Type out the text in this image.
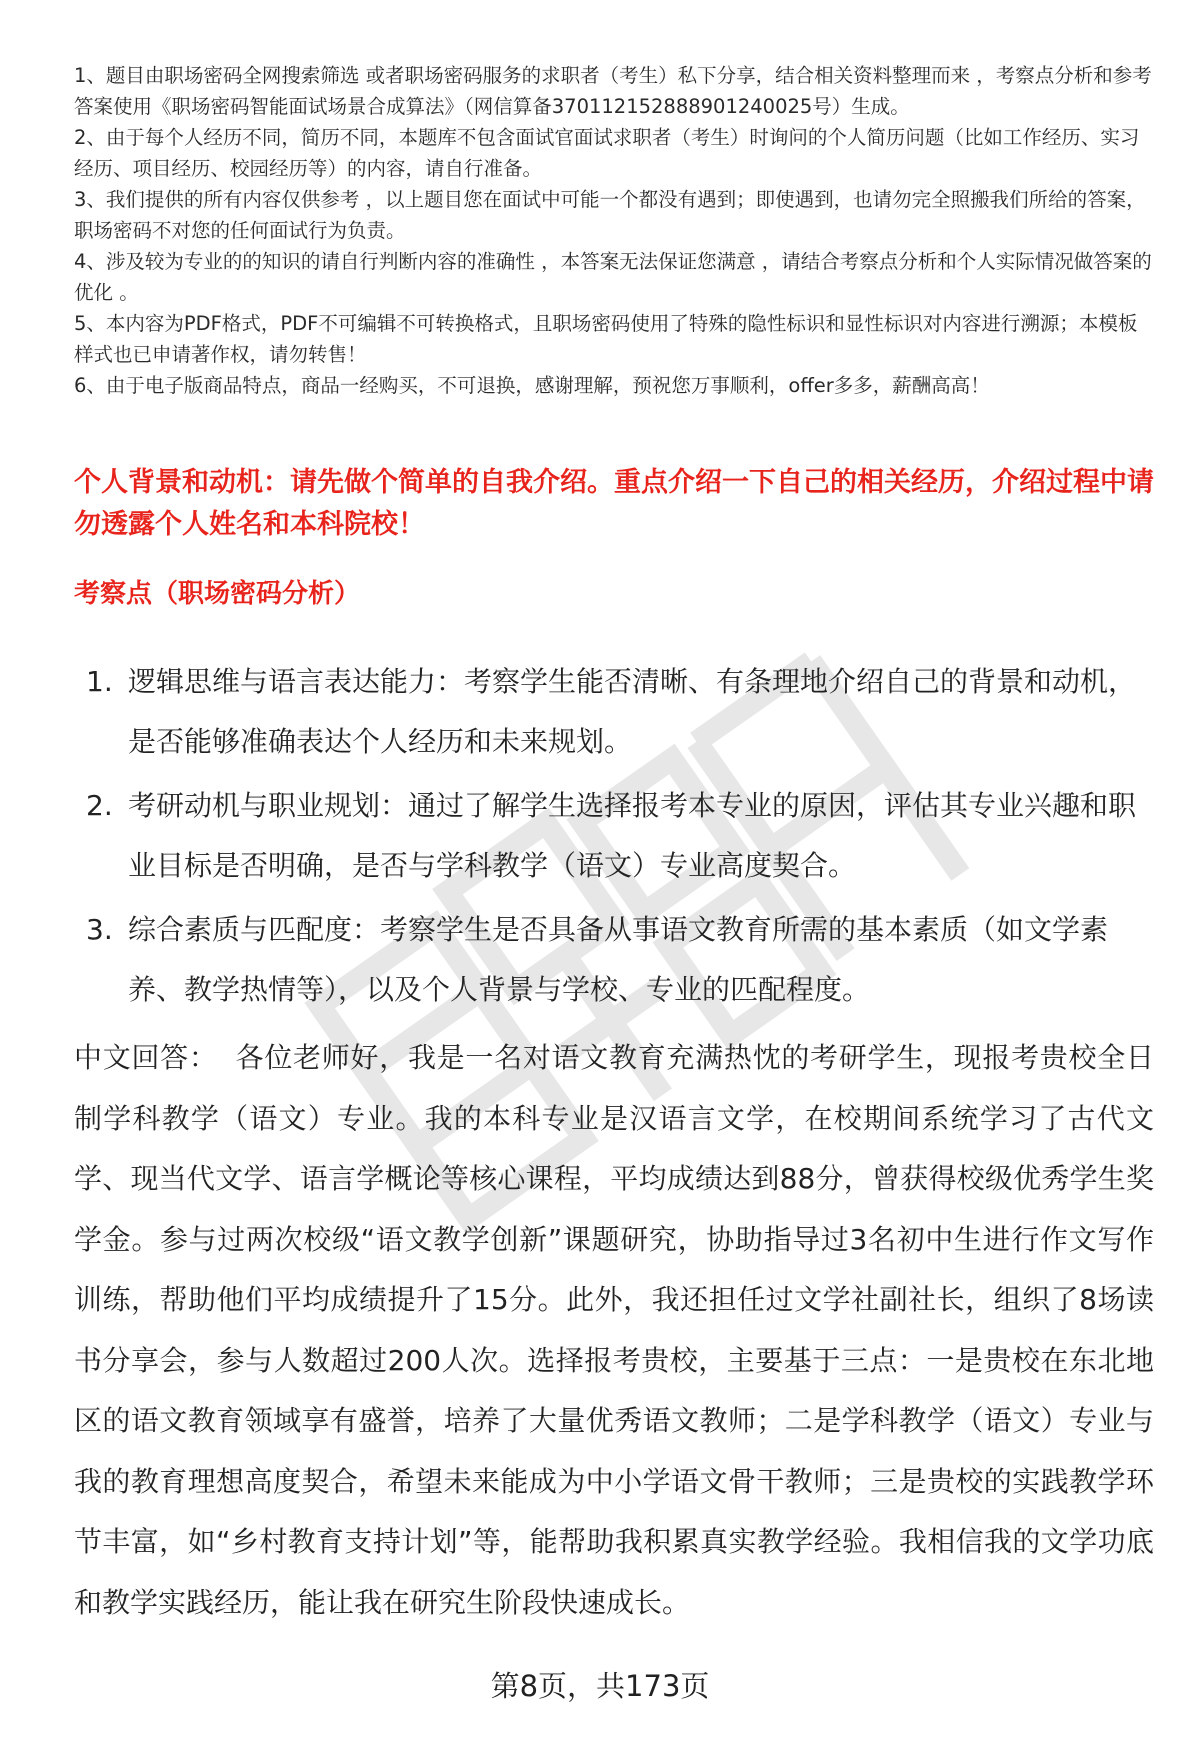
1、题目由职场密码全网搜索筛选 或者职场密码服务的求职者（考生）私下分享，结合相关资料整理而来 ，考察点分析和参考答案使用《职场密码智能面试场景合成算法》（网信算备370112152888901240025号）生成。

2、由于每个人经历不同，简历不同，本题库不包含面试官面试求职者（考生）时询问的个人简历问题（比如工作经历、实习经历、项目经历、校园经历等）的内容，请自行准备。

3、我们提供的所有内容仅供参考 ，以上题目您在面试中可能一个都没有遇到；即使遇到，也请勿完全照搬我们所给的答案，职场密码不对您的任何面试行为负责。

4、涉及较为专业的的知识的请自行判断内容的准确性 ，本答案无法保证您满意 ，请结合考察点分析和个人实际情况做答案的优化 。

5、本内容为PDF格式，PDF不可编辑不可转换格式，且职场密码使用了特殊的隐性标识和显性标识对内容进行溯源；本模板样式也已申请著作权，请勿转售！

6、由于电子版商品特点，商品一经购买，不可退换，感谢理解，预祝您万事顺利，offer多多，薪酬高高！

个人背景和动机：请先做个简单的自我介绍。重点介绍一下自己的相关经历，介绍过程中请勿透露个人姓名和本科院校！
考察点（职场密码分析）
1. 逻辑思维与语言表达能力：考察学生能否清晰、有条理地介绍自己的背景和动机，是否能够准确表达个人经历和未来规划。
2. 考研动机与职业规划：通过了解学生选择报考本专业的原因，评估其专业兴趣和职业目标是否明确，是否与学科教学（语文）专业高度契合。
3. 综合素质与匹配度：考察学生是否具备从事语文教育所需的基本素质（如文学素养、教学热情等），以及个人背景与学校、专业的匹配程度。
中文回答： 各位老师好，我是一名对语文教育充满热忱的考研学生，现报考贵校全日制学科教学（语文）专业。我的本科专业是汉语言文学，在校期间系统学习了古代文学、现当代文学、语言学概论等核心课程，平均成绩达到88分，曾获得校级优秀学生奖学金。参与过两次校级“语文教学创新”课题研究，协助指导过3名初中生进行作文写作训练，帮助他们平均成绩提升了15分。此外，我还担任过文学社副社长，组织了8场读书分享会，参与人数超过200人次。选择报考贵校，主要基于三点：一是贵校在东北地区的语文教育领域享有盛誉，培养了大量优秀语文教师；二是学科教学（语文）专业与我的教育理想高度契合，希望未来能成为中小学语文骨干教师；三是贵校的实践教学环节丰富，如“乡村教育支持计划”等，能帮助我积累真实教学经验。我相信我的文学功底和教学实践经历，能让我在研究生阶段快速成长。
第8页，共173页
